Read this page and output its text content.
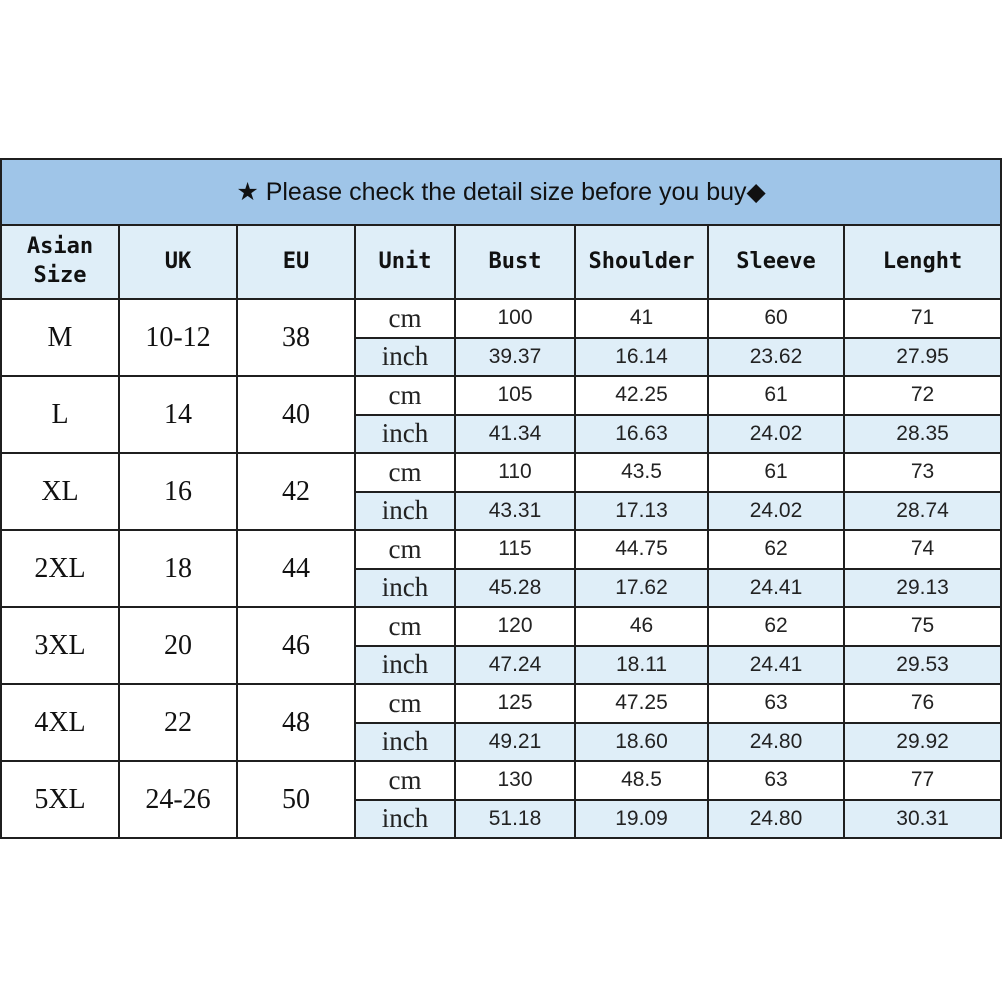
★ Please check the detail size before you buy◆							
Asian
Size	UK	EU	Unit	Bust	Shoulder	Sleeve	Lenght
M	10-12	38	cm	100	41	60	71
			inch	39.37	16.14	23.62	27.95
L	14	40	cm	105	42.25	61	72
			inch	41.34	16.63	24.02	28.35
XL	16	42	cm	110	43.5	61	73
			inch	43.31	17.13	24.02	28.74
2XL	18	44	cm	115	44.75	62	74
			inch	45.28	17.62	24.41	29.13
3XL	20	46	cm	120	46	62	75
			inch	47.24	18.11	24.41	29.53
4XL	22	48	cm	125	47.25	63	76
			inch	49.21	18.60	24.80	29.92
5XL	24-26	50	cm	130	48.5	63	77
			inch	51.18	19.09	24.80	30.31
